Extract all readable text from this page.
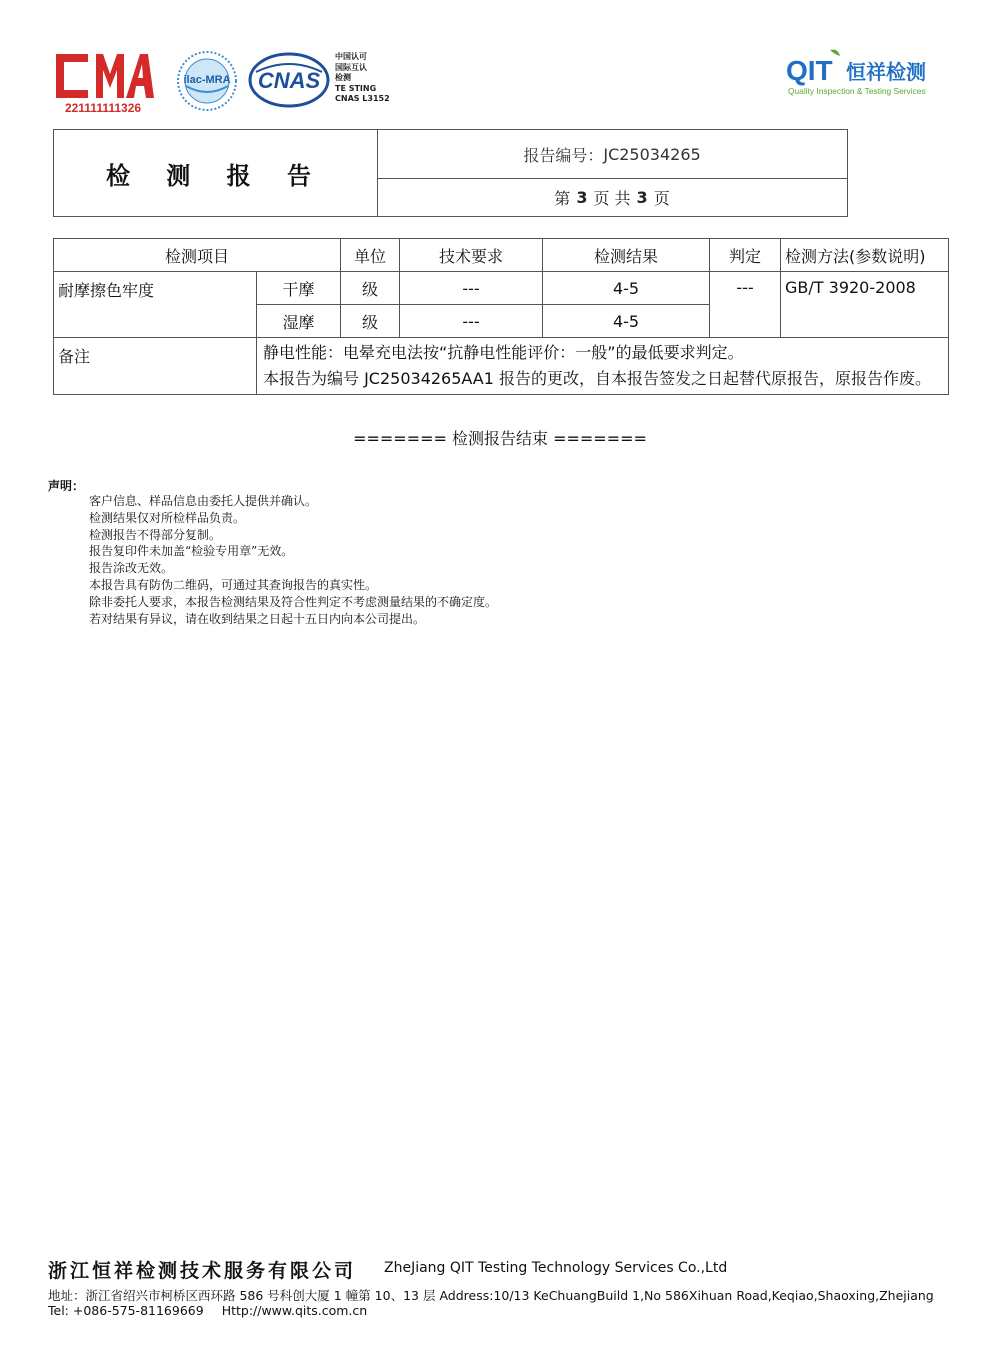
221111111326
ilac-MRA CNAS
中国认可
国际互认
检测
TE STING
CNAS L3152
QIT 恒祥检测
Quality Inspection & Testing Services
检 测 报 告
报告编号： JC25034265
第 3 页 共 3 页
检测项目		单位	技术要求	检测结果	判定	检测方法(参数说明)
耐摩擦色牢度	干摩	级	---	4-5	---	GB/T 3920-2008
	湿摩	级	---	4-5		
备注	静电性能：电晕充电法按“抗静电性能评价：一般”的最低要求判定。
本报告为编号 JC25034265AA1 报告的更改，自本报告签发之日起替代原报告，原报告作废。					
======= 检测报告结束 =======
声明：
客户信息、样品信息由委托人提供并确认。
检测结果仅对所检样品负责。
检测报告不得部分复制。
报告复印件未加盖“检验专用章”无效。
报告涂改无效。
本报告具有防伪二维码，可通过其查询报告的真实性。
除非委托人要求，本报告检测结果及符合性判定不考虑测量结果的不确定度。
若对结果有异议，请在收到结果之日起十五日内向本公司提出。
浙江恒祥检测技术服务有限公司 ZheJiang QIT Testing Technology Services Co.,Ltd
地址：浙江省绍兴市柯桥区西环路 586 号科创大厦 1 幢第 10、13 层 Address:10/13 KeChuangBuild 1,No 586Xihuan Road,Keqiao,Shaoxing,Zhejiang
Tel: +086-575-81169669 Http://www.qits.com.cn
